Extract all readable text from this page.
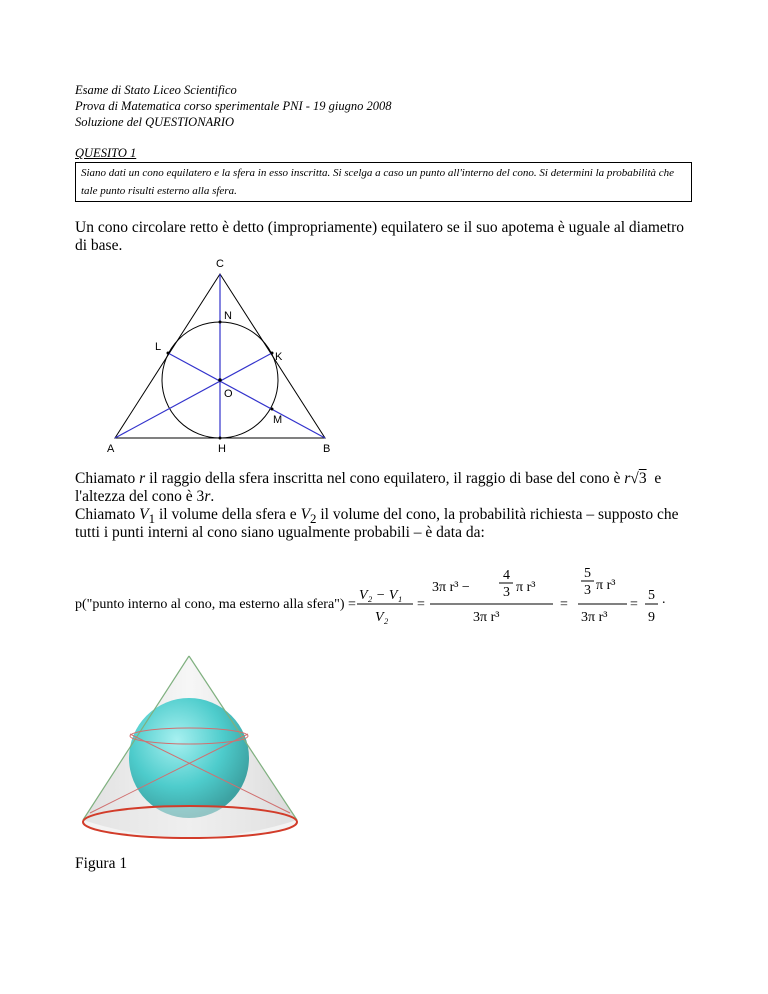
Esame di Stato Liceo Scientifico
Prova di Matematica corso sperimentale PNI - 19 giugno 2008
Soluzione del QUESTIONARIO
QUESITO 1
Siano dati un cono equilatero e la sfera in esso inscritta. Si scelga a caso un punto all'interno del cono. Si determini la probabilità che tale punto risulti esterno alla sfera.
Un cono circolare retto è detto (impropriamente) equilatero se il suo apotema è uguale al diametro di base.
C
N
L
K
O
M
A	H	B
Chiamato r il raggio della sfera inscritta nel cono equilatero, il raggio di base del cono è r√3 e
l'altezza del cono è 3r.
Chiamato $V_1$ il volume della sfera e $V_2$ il volume del cono, la probabilità richiesta – supposto che
tutti i punti interni al cono siano ugualmente probabili – è data da:
p("punto interno al cono, ma esterno alla sfera") =
V₂ − V₁
V₂
=
3π r³ −
4
3 π r³
3π r³
=
5
3 π r³
3π r³
=
5
9
.
Figura 1
